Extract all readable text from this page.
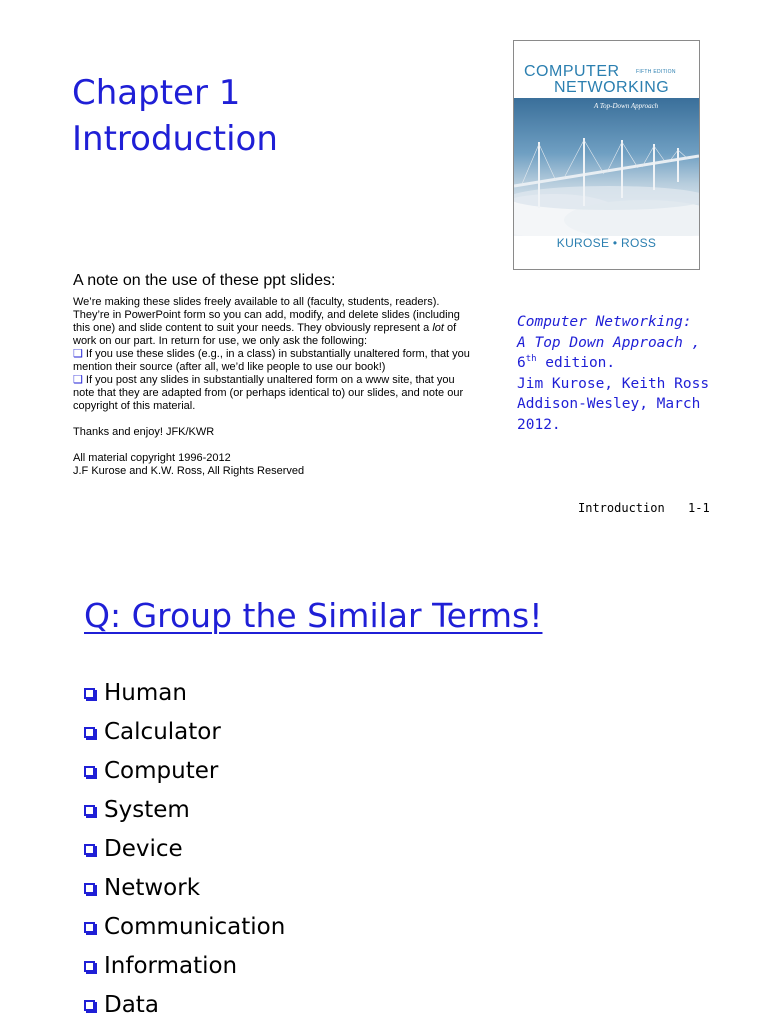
Chapter 1
Introduction
COMPUTER	FIFTH EDITION
NETWORKING
A Top-Down Approach
KUROSE • ROSS
A note on the use of these ppt slides:

We’re making these slides freely available to all (faculty, students, readers). They’re in PowerPoint form so you can add, modify, and delete slides (including this one) and slide content to suit your needs. They obviously represent a lot of work on our part. In return for use, we only ask the following:

❑ If you use these slides (e.g., in a class) in substantially unaltered form, that you mention their source (after all, we’d like people to use our book!)

❑ If you post any slides in substantially unaltered form on a www site, that you note that they are adapted from (or perhaps identical to) our slides, and note our copyright of this material.

Thanks and enjoy! JFK/KWR

All material copyright 1996-2012

J.F Kurose and K.W. Ross, All Rights Reserved

Computer Networking:
A Top Down Approach ,
6th edition.
Jim Kurose, Keith Ross
Addison-Wesley, March
2012.
Introduction 1-1
Q: Group the Similar Terms!
Human
Calculator
Computer
System
Device
Network
Communication
Information
Data
